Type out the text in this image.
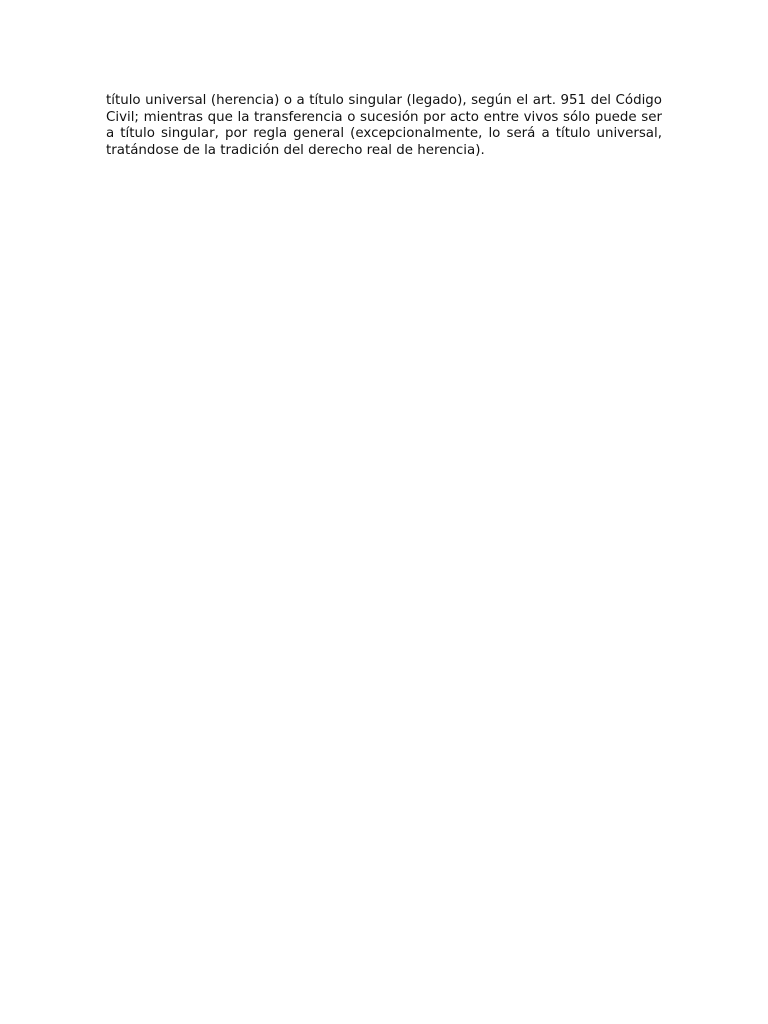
título universal (herencia) o a título singular (legado), según el art. 951 del Código Civil; mientras que la transferencia o sucesión por acto entre vivos sólo puede ser a título singular, por regla general (excepcionalmente, lo será a título universal, tratándose de la tradición del derecho real de herencia).
